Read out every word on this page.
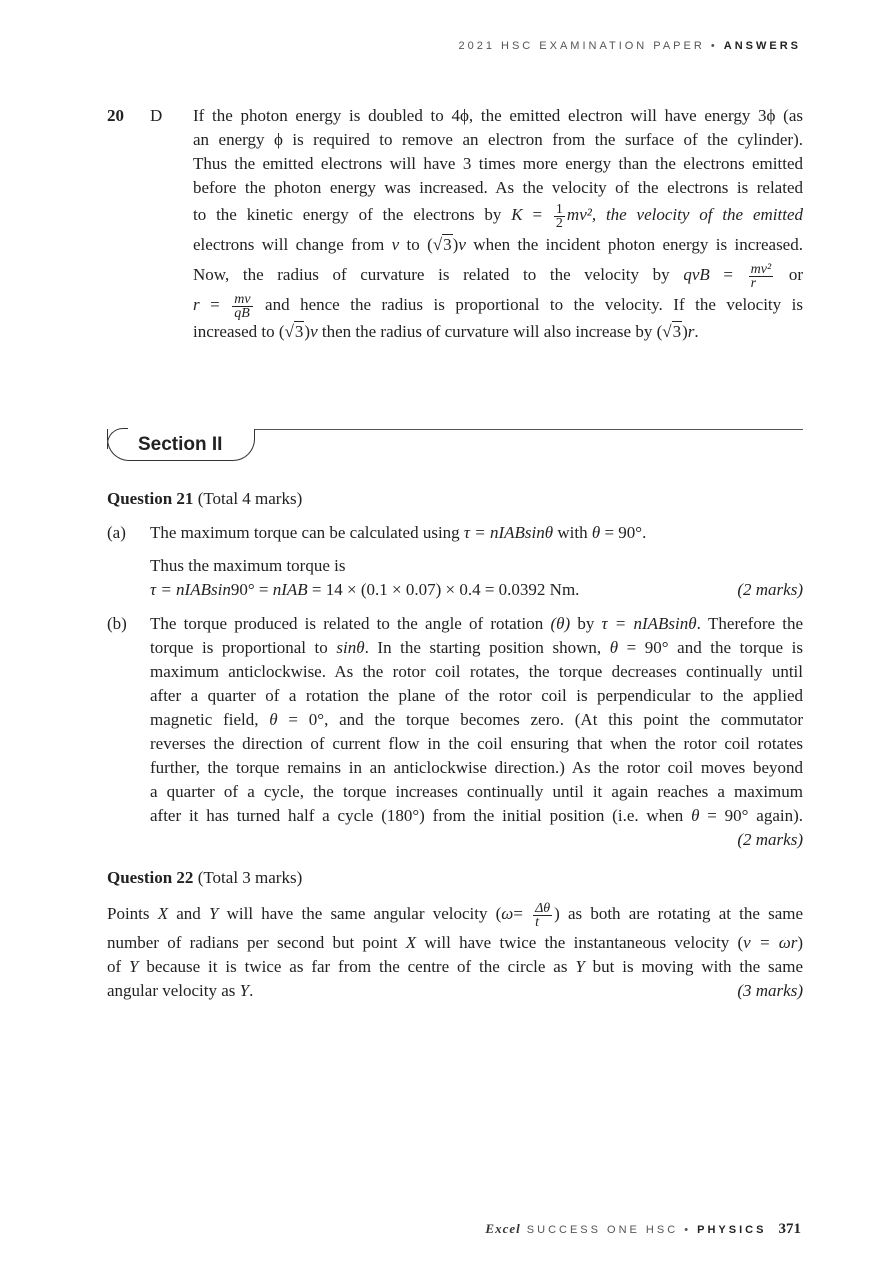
2021 HSC EXAMINATION PAPER • ANSWERS
20 D If the photon energy is doubled to 4ϕ, the emitted electron will have energy 3ϕ (as
an energy ϕ is required to remove an electron from the surface of the cylinder).
Thus the emitted electrons will have 3 times more energy than the electrons emitted
before the photon energy was increased. As the velocity of the electrons is related
to the kinetic energy of the electrons by $K = \frac{1}{2} mv^2$, the velocity of the emitted
electrons will change from v to (√3)v when the incident photon energy is increased.
Now, the radius of curvature is related to the velocity by qvB = $\frac{\text{mv²}}{r}$ or
$r = \frac{mv}{qB}$ and hence the radius is proportional to the velocity. If the velocity is
increased to (√3)v then the radius of curvature will also increase by (√3)r.
Section II
Question 21 (Total 4 marks)
(a) The maximum torque can be calculated using τ = nIABsinθ with θ = 90°.
Thus the maximum torque is
τ = nIABsin90° = nIAB = 14 × (0.1 × 0.07) × 0.4 = 0.0392 Nm.	(2 marks)
(b) The torque produced is related to the angle of rotation (θ) by τ = nIABsinθ. Therefore the
torque is proportional to sinθ. In the starting position shown, θ = 90° and the torque is
maximum anticlockwise. As the rotor coil rotates, the torque decreases continually until
after a quarter of a rotation the plane of the rotor coil is perpendicular to the applied
magnetic field, θ = 0°, and the torque becomes zero. (At this point the commutator
reverses the direction of current flow in the coil ensuring that when the rotor coil rotates
further, the torque remains in an anticlockwise direction.) As the rotor coil moves beyond
a quarter of a cycle, the torque increases continually until it again reaches a maximum
after it has turned half a cycle (180°) from the initial position (i.e. when θ = 90° again).
(2 marks)
Question 22 (Total 3 marks)
Points X and Y will have the same angular velocity ($\omega= \frac{\Delta\theta}{t}$ ) as both are rotating at the same
number of radians per second but point X will have twice the instantaneous velocity (v = ωr)
of Y because it is twice as far from the centre of the circle as Y but is moving with the same
angular velocity as Y.	(3 marks)
Excel SUCCESS ONE HSC • PHYSICS 371
